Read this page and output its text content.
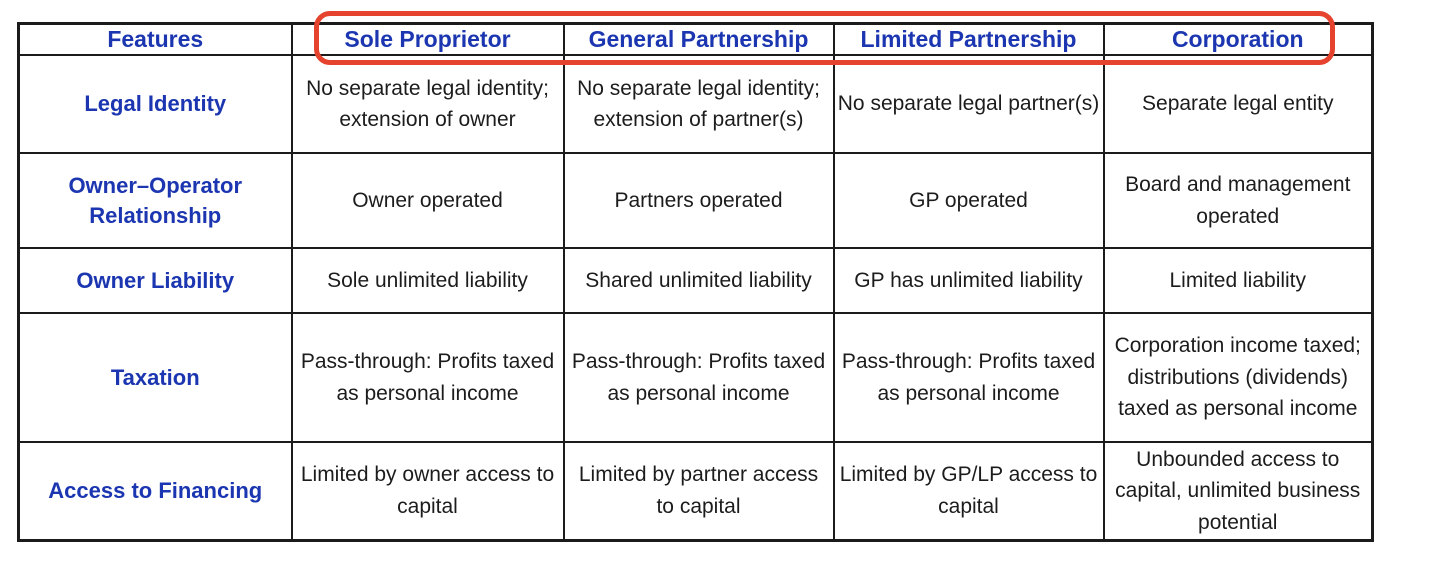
Features	Sole Proprietor	General Partnership	Limited Partnership	Corporation
Legal Identity	No separate legal identity; extension of owner	No separate legal identity; extension of partner(s)	No separate legal partner(s)	Separate legal entity
Owner–Operator Relationship	Owner operated	Partners operated	GP operated	Board and management operated
Owner Liability	Sole unlimited liability	Shared unlimited liability	GP has unlimited liability	Limited liability
Taxation	Pass-through: Profits taxed as personal income	Pass-through: Profits taxed as personal income	Pass-through: Profits taxed as personal income	Corporation income taxed; distributions (dividends) taxed as personal income
Access to Financing	Limited by owner access to capital	Limited by partner access to capital	Limited by GP/LP access to capital	Unbounded access to capital, unlimited business potential
